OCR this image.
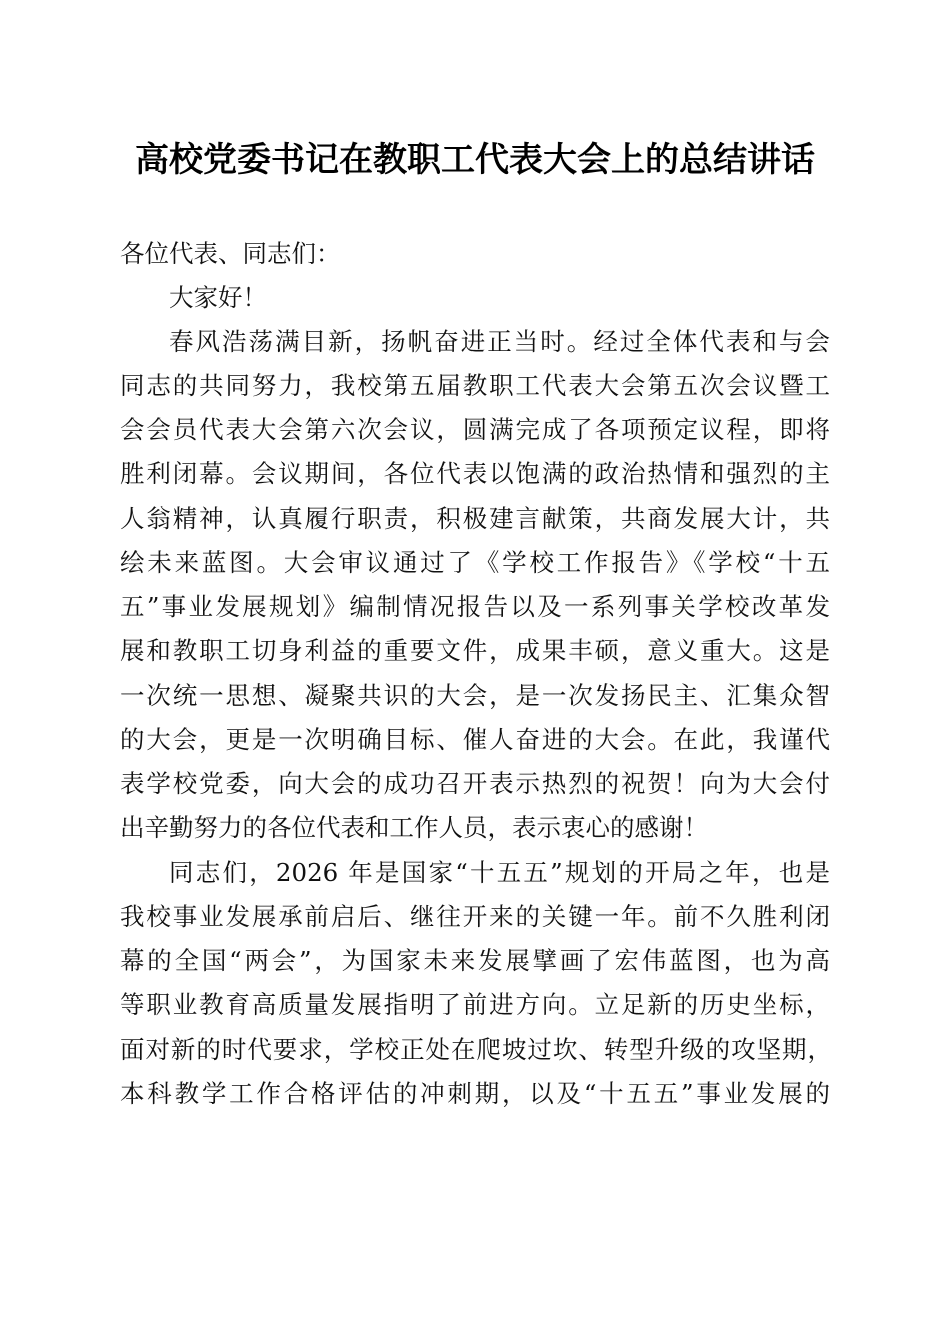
高校党委书记在教职工代表大会上的总结讲话
各位代表、同志们：
大家好！
春风浩荡满目新，扬帆奋进正当时。经过全体代表和与会
同志的共同努力，我校第五届教职工代表大会第五次会议暨工
会会员代表大会第六次会议，圆满完成了各项预定议程，即将
胜利闭幕。会议期间，各位代表以饱满的政治热情和强烈的主
人翁精神，认真履行职责，积极建言献策，共商发展大计，共
绘未来蓝图。大会审议通过了《学校工作报告》《学校“十五
五”事业发展规划》编制情况报告以及一系列事关学校改革发
展和教职工切身利益的重要文件，成果丰硕，意义重大。这是
一次统一思想、凝聚共识的大会，是一次发扬民主、汇集众智
的大会，更是一次明确目标、催人奋进的大会。在此，我谨代
表学校党委，向大会的成功召开表示热烈的祝贺！向为大会付
出辛勤努力的各位代表和工作人员，表示衷心的感谢！
同志们，2026 年是国家“十五五”规划的开局之年，也是
我校事业发展承前启后、继往开来的关键一年。前不久胜利闭
幕的全国“两会”，为国家未来发展擘画了宏伟蓝图，也为高
等职业教育高质量发展指明了前进方向。立足新的历史坐标，
面对新的时代要求，学校正处在爬坡过坎、转型升级的攻坚期，
本科教学工作合格评估的冲刺期，以及“十五五”事业发展的
